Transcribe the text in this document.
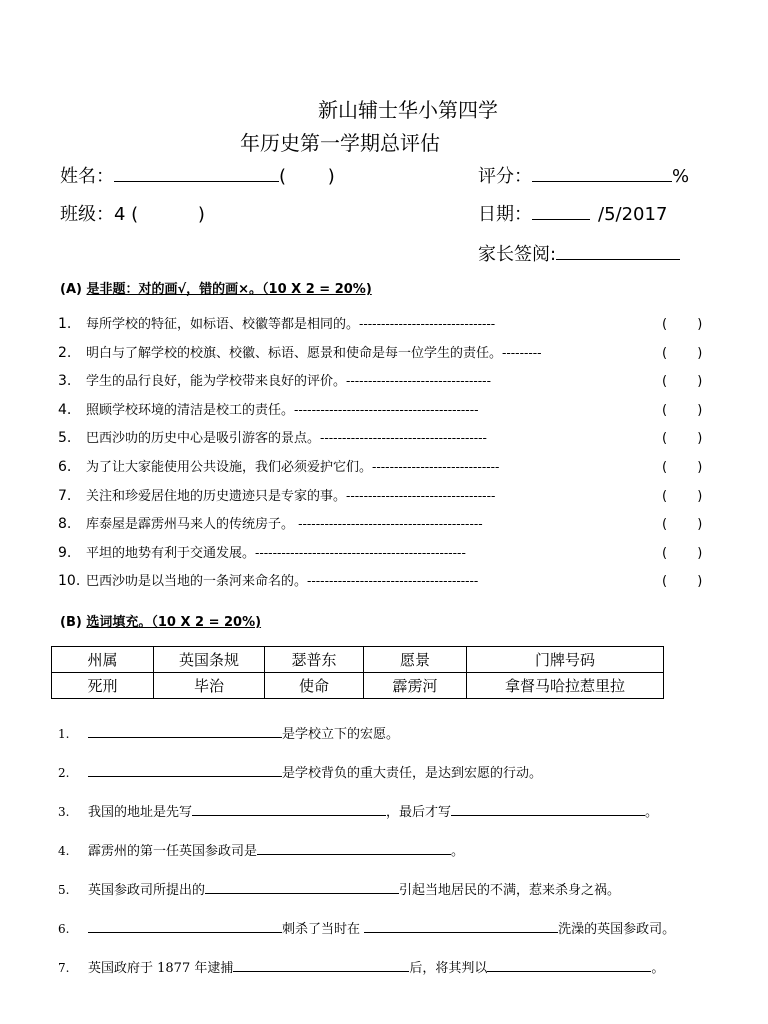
新山辅士华小第四学
年历史第一学期总评估
姓名：	(　　 )	评分：	%
班级：4 (　　　 )	日期：	/5/2017
家长签阅:
(A) 是非题：对的画√，错的画×。（10 X 2 = 20%)
1. 每所学校的特征，如标语、校徽等都是相同的。-------------------------------	(　　 )
2. 明白与了解学校的校旗、校徽、标语、愿景和使命是每一位学生的责任。---------	(　　 )
3. 学生的品行良好，能为学校带来良好的评价。---------------------------------	(　　 )
4. 照顾学校环境的清洁是校工的责任。------------------------------------------	(　　 )
5. 巴西沙叻的历史中心是吸引游客的景点。--------------------------------------	(　　 )
6. 为了让大家能使用公共设施，我们必须爱护它们。-----------------------------	(　　 )
7. 关注和珍爱居住地的历史遗迹只是专家的事。----------------------------------	(　　 )
8. 库泰屋是霹雳州马来人的传统房子。 ------------------------------------------	(　　 )
9. 平坦的地势有利于交通发展。------------------------------------------------	(　　 )
10. 巴西沙叻是以当地的一条河来命名的。---------------------------------------	(　　 )
(B) 选词填充。（10 X 2 = 20%)
州属	英国条规	瑟普东	愿景	门牌号码
死刑	毕治	使命	霹雳河	拿督马哈拉惹里拉
1.	是学校立下的宏愿。
2.	是学校背负的重大责任，是达到宏愿的行动。
3. 我国的地址是先写	，最后才写	。
4. 霹雳州的第一任英国参政司是	。
5. 英国参政司所提出的	引起当地居民的不满，惹来杀身之祸。
6.	刺杀了当时在	洗澡的英国参政司。
7. 英国政府于 1877 年逮捕	后，将其判以	。
